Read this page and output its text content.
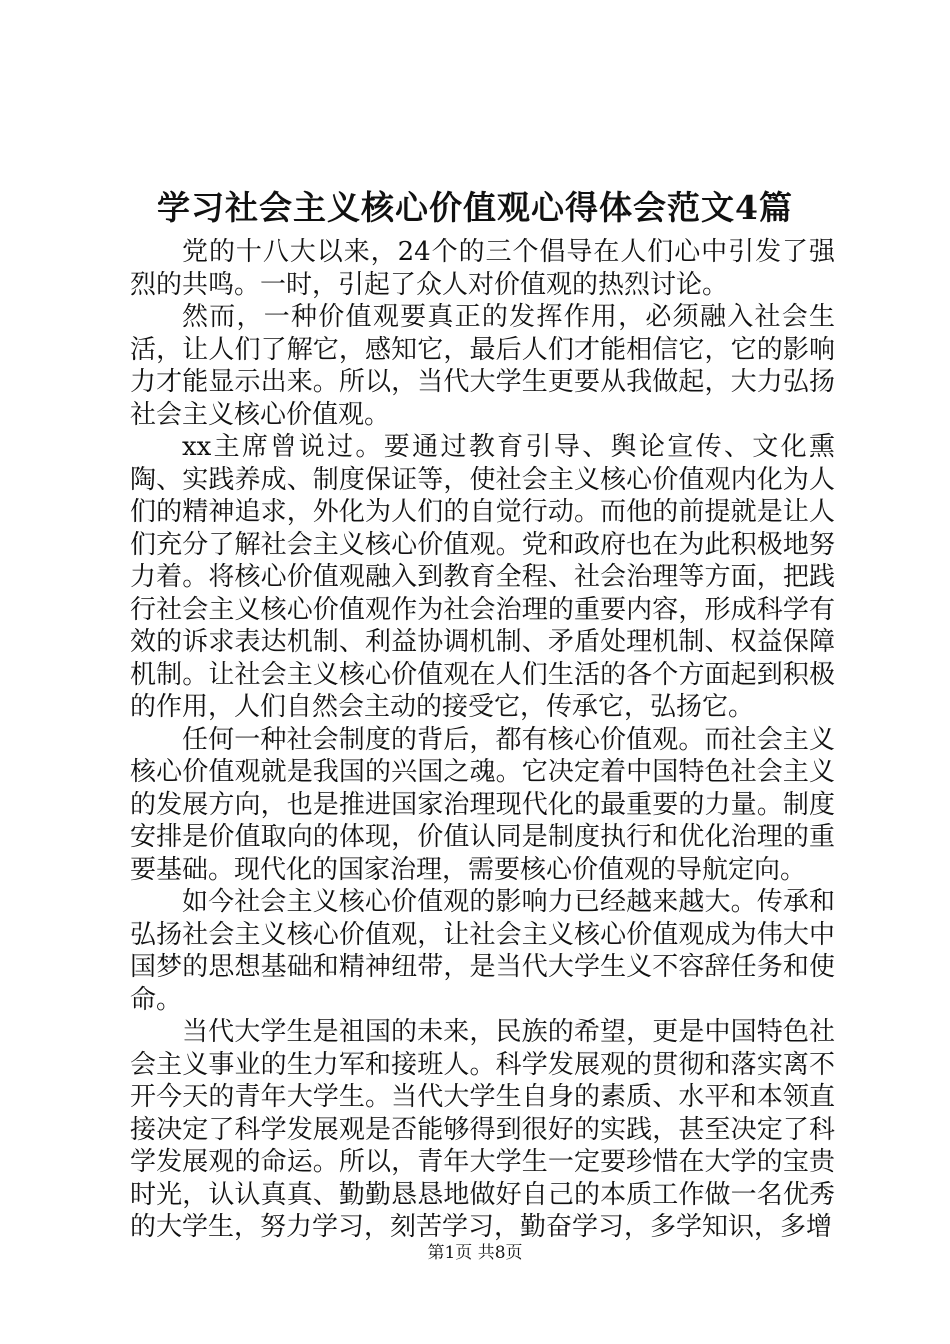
学习社会主义核心价值观心得体会范文4篇

党的十八大以来，24个的三个倡导在人们心中引发了强烈的共鸣。一时，引起了众人对价值观的热烈讨论。

然而，一种价值观要真正的发挥作用，必须融入社会生活，让人们了解它，感知它，最后人们才能相信它，它的影响力才能显示出来。所以，当代大学生更要从我做起，大力弘扬社会主义核心价值观。

xx主席曾说过。要通过教育引导、舆论宣传、文化熏陶、实践养成、制度保证等，使社会主义核心价值观内化为人们的精神追求，外化为人们的自觉行动。而他的前提就是让人们充分了解社会主义核心价值观。党和政府也在为此积极地努力着。将核心价值观融入到教育全程、社会治理等方面，把践行社会主义核心价值观作为社会治理的重要内容，形成科学有效的诉求表达机制、利益协调机制、矛盾处理机制、权益保障机制。让社会主义核心价值观在人们生活的各个方面起到积极的作用，人们自然会主动的接受它，传承它，弘扬它。

任何一种社会制度的背后，都有核心价值观。而社会主义核心价值观就是我国的兴国之魂。它决定着中国特色社会主义的发展方向，也是推进国家治理现代化的最重要的力量。制度安排是价值取向的体现，价值认同是制度执行和优化治理的重要基础。现代化的国家治理，需要核心价值观的导航定向。

如今社会主义核心价值观的影响力已经越来越大。传承和弘扬社会主义核心价值观，让社会主义核心价值观成为伟大中国梦的思想基础和精神纽带，是当代大学生义不容辞任务和使命。

当代大学生是祖国的未来，民族的希望，更是中国特色社会主义事业的生力军和接班人。科学发展观的贯彻和落实离不开今天的青年大学生。当代大学生自身的素质、水平和本领直接决定了科学发展观是否能够得到很好的实践，甚至决定了科学发展观的命运。所以，青年大学生一定要珍惜在大学的宝贵时光，认认真真、勤勤恳恳地做好自己的本质工作做一名优秀的大学生，努力学习，刻苦学习，勤奋学习，多学知识，多增

第1页 共8页
